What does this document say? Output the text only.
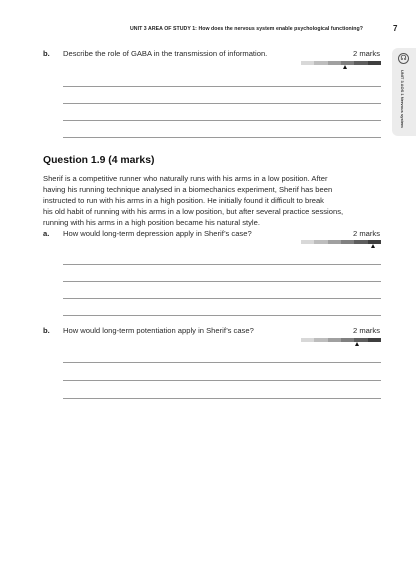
UNIT 3 AREA OF STUDY 1: How does the nervous system enable psychological functioning?	7
☊
UNIT 3 AOS 1 Nervous system
b. Describe the role of GABA in the transmission of information.	2 marks
Question 1.9 (4 marks)
Sherif is a competitive runner who naturally runs with his arms in a low position. After
having his running technique analysed in a biomechanics experiment, Sherif has been
instructed to run with his arms in a high position. He initially found it difficult to break
his old habit of running with his arms in a low position, but after several practice sessions,
running with his arms in a high position became his natural style.
a. How would long-term depression apply in Sherif’s case?	2 marks
b. How would long-term potentiation apply in Sherif’s case?	2 marks
